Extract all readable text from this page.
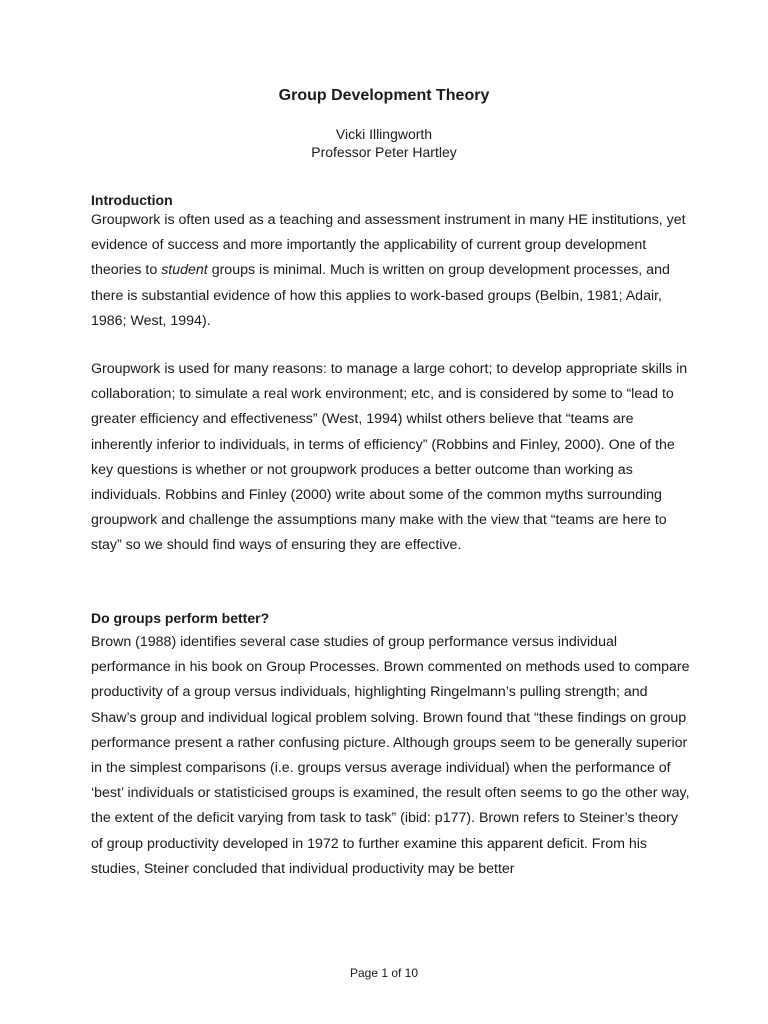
Group Development Theory
Vicki Illingworth
Professor Peter Hartley
Introduction

Groupwork is often used as a teaching and assessment instrument in many HE institutions, yet evidence of success and more importantly the applicability of current group development theories to student groups is minimal. Much is written on group development processes, and there is substantial evidence of how this applies to work-based groups (Belbin, 1981; Adair, 1986; West, 1994).

Groupwork is used for many reasons: to manage a large cohort; to develop appropriate skills in collaboration; to simulate a real work environment; etc, and is considered by some to “lead to greater efficiency and effectiveness” (West, 1994) whilst others believe that “teams are inherently inferior to individuals, in terms of efficiency” (Robbins and Finley, 2000). One of the key questions is whether or not groupwork produces a better outcome than working as individuals. Robbins and Finley (2000) write about some of the common myths surrounding groupwork and challenge the assumptions many make with the view that “teams are here to stay” so we should find ways of ensuring they are effective.

Do groups perform better?

Brown (1988) identifies several case studies of group performance versus individual performance in his book on Group Processes. Brown commented on methods used to compare productivity of a group versus individuals, highlighting Ringelmann’s pulling strength; and Shaw’s group and individual logical problem solving. Brown found that “these findings on group performance present a rather confusing picture. Although groups seem to be generally superior in the simplest comparisons (i.e. groups versus average individual) when the performance of ‘best’ individuals or statisticised groups is examined, the result often seems to go the other way, the extent of the deficit varying from task to task” (ibid: p177). Brown refers to Steiner’s theory of group productivity developed in 1972 to further examine this apparent deficit. From his studies, Steiner concluded that individual productivity may be better

Page 1 of 10
